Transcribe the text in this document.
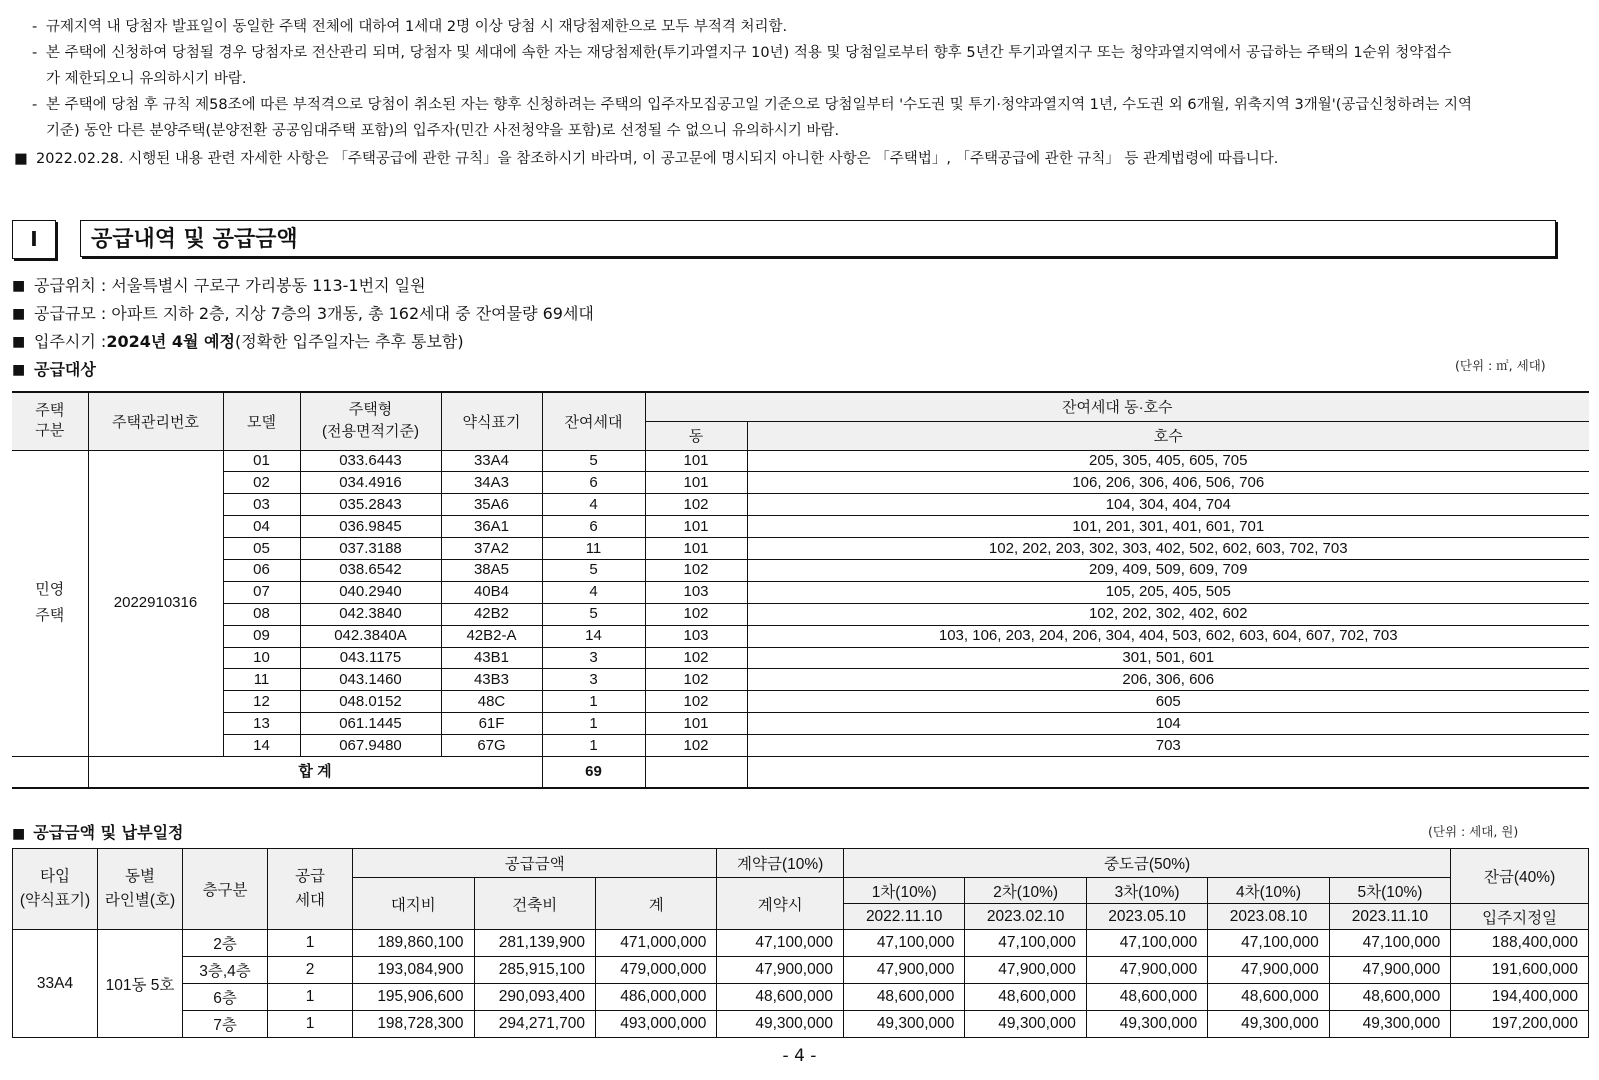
- 규제지역 내 당첨자 발표일이 동일한 주택 전체에 대하여 1세대 2명 이상 당첨 시 재당첨제한으로 모두 부적격 처리함.
- 본 주택에 신청하여 당첨될 경우 당첨자로 전산관리 되며, 당첨자 및 세대에 속한 자는 재당첨제한(투기과열지구 10년) 적용 및 당첨일로부터 향후 5년간 투기과열지구 또는 청약과열지역에서 공급하는 주택의 1순위 청약접수
가 제한되오니 유의하시기 바람.
- 본 주택에 당첨 후 규칙 제58조에 따른 부적격으로 당첨이 취소된 자는 향후 신청하려는 주택의 입주자모집공고일 기준으로 당첨일부터 '수도권 및 투기·청약과열지역 1년, 수도권 외 6개월, 위축지역 3개월'(공급신청하려는 지역
기준) 동안 다른 분양주택(분양전환 공공임대주택 포함)의 입주자(민간 사전청약을 포함)로 선정될 수 없으니 유의하시기 바람.
■ 2022.02.28. 시행된 내용 관련 자세한 사항은 「주택공급에 관한 규칙」을 참조하시기 바라며, 이 공고문에 명시되지 아니한 사항은 「주택법」, 「주택공급에 관한 규칙」 등 관계법령에 따릅니다.
I	공급내역 및 공급금액
■ 공급위치 : 서울특별시 구로구 가리봉동 113-1번지 일원
■ 공급규모 : 아파트 지하 2층, 지상 7층의 3개동, 총 162세대 중 잔여물량 69세대
■ 입주시기 : 2024년 4월 예정 (정확한 입주일자는 추후 통보함)
■ 공급대상	(단위 : ㎡, 세대)
주택
구분	주택관리번호	모델	주택형
(전용면적기준)	약식표기	잔여세대	잔여세대 동·호수	
						동	호수
민영
주택	2022910316	01	033.6443	33A4	5	101	205, 305, 405, 605, 705
		02	034.4916	34A3	6	101	106, 206, 306, 406, 506, 706
		03	035.2843	35A6	4	102	104, 304, 404, 704
		04	036.9845	36A1	6	101	101, 201, 301, 401, 601, 701
		05	037.3188	37A2	11	101	102, 202, 203, 302, 303, 402, 502, 602, 603, 702, 703
		06	038.6542	38A5	5	102	209, 409, 509, 609, 709
		07	040.2940	40B4	4	103	105, 205, 405, 505
		08	042.3840	42B2	5	102	102, 202, 302, 402, 602
		09	042.3840A	42B2-A	14	103	103, 106, 203, 204, 206, 304, 404, 503, 602, 603, 604, 607, 702, 703
		10	043.1175	43B1	3	102	301, 501, 601
		11	043.1460	43B3	3	102	206, 306, 606
		12	048.0152	48C	1	102	605
		13	061.1445	61F	1	101	104
		14	067.9480	67G	1	102	703
	합 계				69		
■ 공급금액 및 납부일정	(단위 : 세대, 원)
타입
(약식표기)	동별
라인별(호)	층구분	공급
세대	공급금액			계약금(10%)	중도금(50%)					잔금(40%)
				대지비	건축비	계	계약시	1차(10%)	2차(10%)	3차(10%)	4차(10%)	5차(10%)	
								2022.11.10	2023.02.10	2023.05.10	2023.08.10	2023.11.10	입주지정일
33A4	101동 5호	2층	1	189,860,100	281,139,900	471,000,000	47,100,000	47,100,000	47,100,000	47,100,000	47,100,000	47,100,000	188,400,000
		3층,4층	2	193,084,900	285,915,100	479,000,000	47,900,000	47,900,000	47,900,000	47,900,000	47,900,000	47,900,000	191,600,000
		6층	1	195,906,600	290,093,400	486,000,000	48,600,000	48,600,000	48,600,000	48,600,000	48,600,000	48,600,000	194,400,000
		7층	1	198,728,300	294,271,700	493,000,000	49,300,000	49,300,000	49,300,000	49,300,000	49,300,000	49,300,000	197,200,000
- 4 -
